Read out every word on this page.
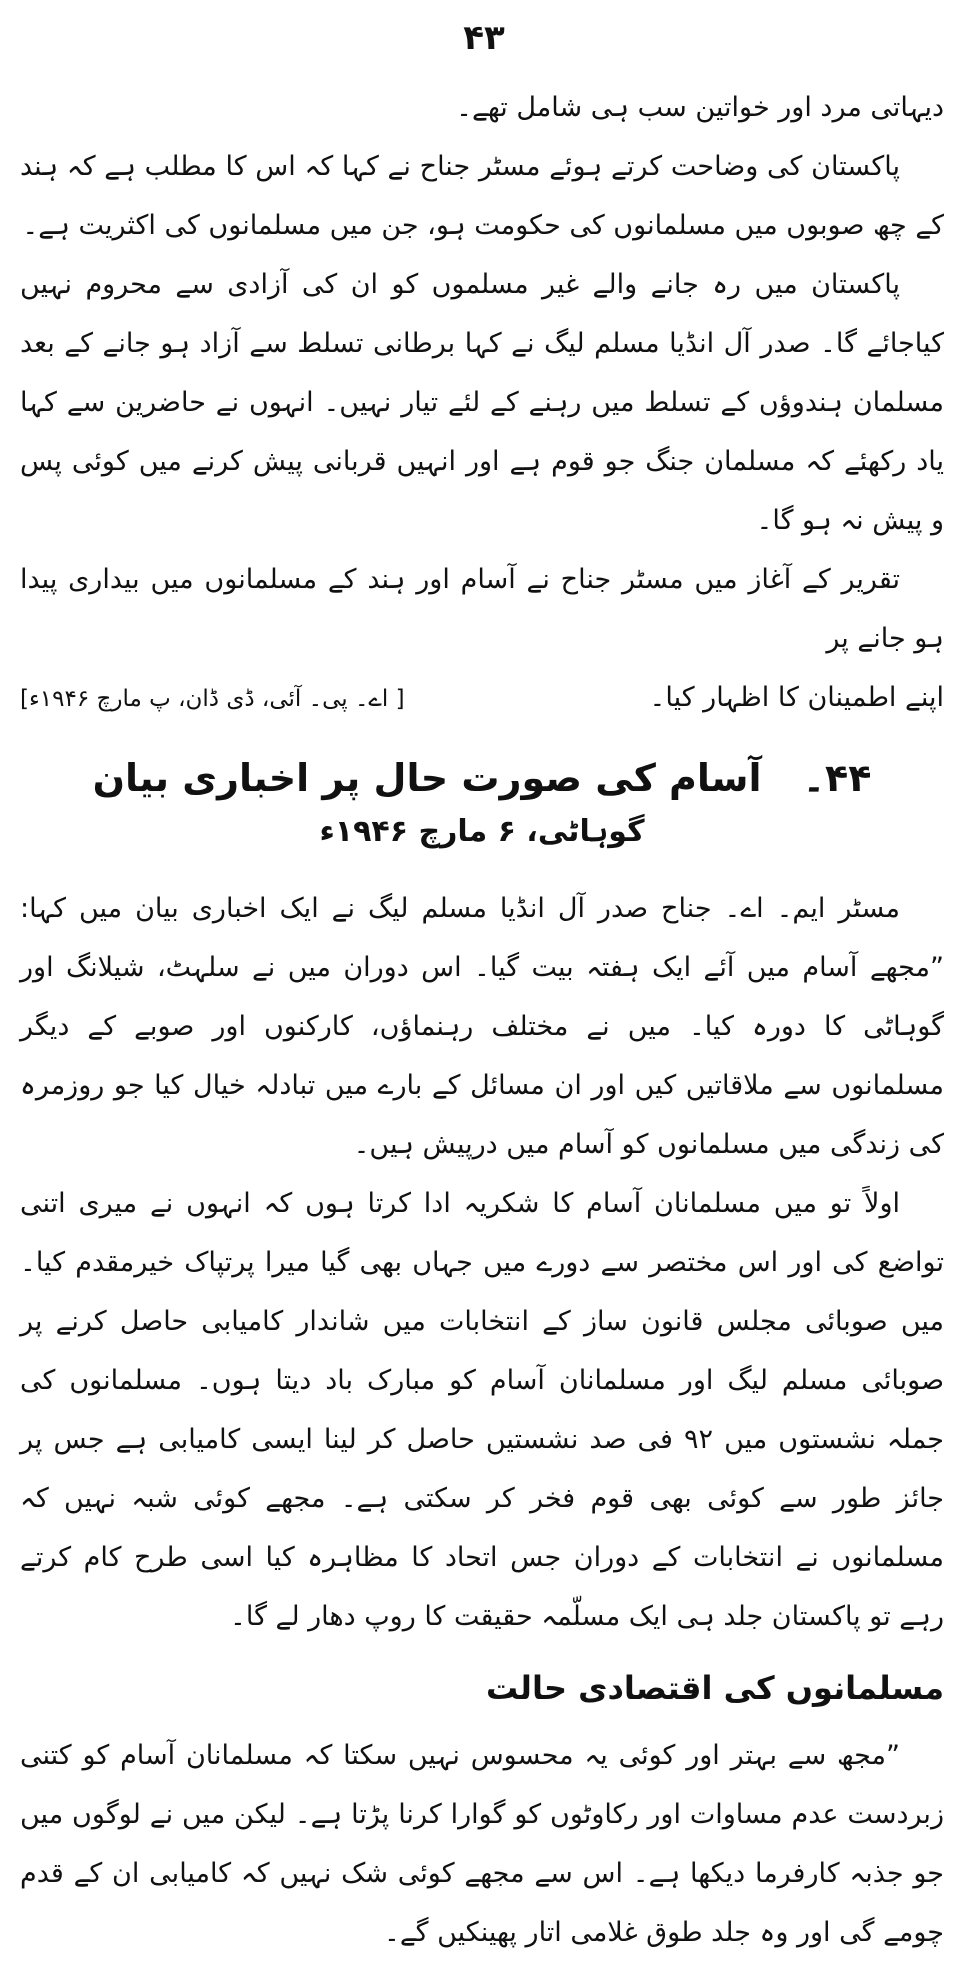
۴۳

دیہاتی مرد اور خواتین سب ہی شامل تھے۔

پاکستان کی وضاحت کرتے ہوئے مسٹر جناح نے کہا کہ اس کا مطلب ہے کہ ہند کے چھ صوبوں میں مسلمانوں کی حکومت ہو، جن میں مسلمانوں کی اکثریت ہے۔

پاکستان میں رہ جانے والے غیر مسلموں کو ان کی آزادی سے محروم نہیں کیاجائے گا۔ صدر آل انڈیا مسلم لیگ نے کہا برطانی تسلط سے آزاد ہو جانے کے بعد مسلمان ہندوؤں کے تسلط میں رہنے کے لئے تیار نہیں۔ انہوں نے حاضرین سے کہا یاد رکھئے کہ مسلمان جنگ جو قوم ہے اور انہیں قربانی پیش کرنے میں کوئی پس و پیش نہ ہو گا۔

تقریر کے آغاز میں مسٹر جناح نے آسام اور ہند کے مسلمانوں میں بیداری پیدا ہو جانے پر

اپنے اطمینان کا اظہار کیا۔
[ اے۔ پی۔ آئی، ڈی ڈان، پ مارچ ۱۹۴۶ء]
۴۴۔ آسام کی صورت حال پر اخباری بیان
گوہاٹی، ۶ مارچ ۱۹۴۶ء

مسٹر ایم۔ اے۔ جناح صدر آل انڈیا مسلم لیگ نے ایک اخباری بیان میں کہا: ”مجھے آسام میں آئے ایک ہفتہ بیت گیا۔ اس دوران میں نے سلہٹ، شیلانگ اور گوہاٹی کا دورہ کیا۔ میں نے مختلف رہنماؤں، کارکنوں اور صوبے کے دیگر مسلمانوں سے ملاقاتیں کیں اور ان مسائل کے بارے میں تبادلہ خیال کیا جو روزمرہ کی زندگی میں مسلمانوں کو آسام میں درپیش ہیں۔

اولاً تو میں مسلمانان آسام کا شکریہ ادا کرتا ہوں کہ انہوں نے میری اتنی تواضع کی اور اس مختصر سے دورے میں جہاں بھی گیا میرا پرتپاک خیرمقدم کیا۔ میں صوبائی مجلس قانون ساز کے انتخابات میں شاندار کامیابی حاصل کرنے پر صوبائی مسلم لیگ اور مسلمانان آسام کو مبارک باد دیتا ہوں۔ مسلمانوں کی جملہ نشستوں میں ۹۲ فی صد نشستیں حاصل کر لینا ایسی کامیابی ہے جس پر جائز طور سے کوئی بھی قوم فخر کر سکتی ہے۔ مجھے کوئی شبہ نہیں کہ مسلمانوں نے انتخابات کے دوران جس اتحاد کا مظاہرہ کیا اسی طرح کام کرتے رہے تو پاکستان جلد ہی ایک مسلّمہ حقیقت کا روپ دھار لے گا۔

مسلمانوں کی اقتصادی حالت

”مجھ سے بہتر اور کوئی یہ محسوس نہیں سکتا کہ مسلمانان آسام کو کتنی زبردست عدم مساوات اور رکاوٹوں کو گوارا کرنا پڑتا ہے۔ لیکن میں نے لوگوں میں جو جذبہ کارفرما دیکھا ہے۔ اس سے مجھے کوئی شک نہیں کہ کامیابی ان کے قدم چومے گی اور وہ جلد طوق غلامی اتار پھینکیں گے۔
